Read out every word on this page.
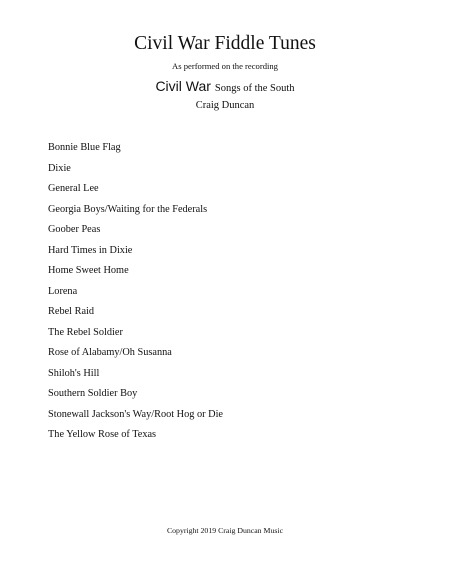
Civil War Fiddle Tunes
As performed on the recording
Civil War Songs of the South
Craig Duncan
Bonnie Blue Flag
Dixie
General Lee
Georgia Boys/Waiting for the Federals
Goober Peas
Hard Times in Dixie
Home Sweet Home
Lorena
Rebel Raid
The Rebel Soldier
Rose of Alabamy/Oh Susanna
Shiloh's Hill
Southern Soldier Boy
Stonewall Jackson's Way/Root Hog or Die
The Yellow Rose of Texas
Copyright 2019 Craig Duncan Music
